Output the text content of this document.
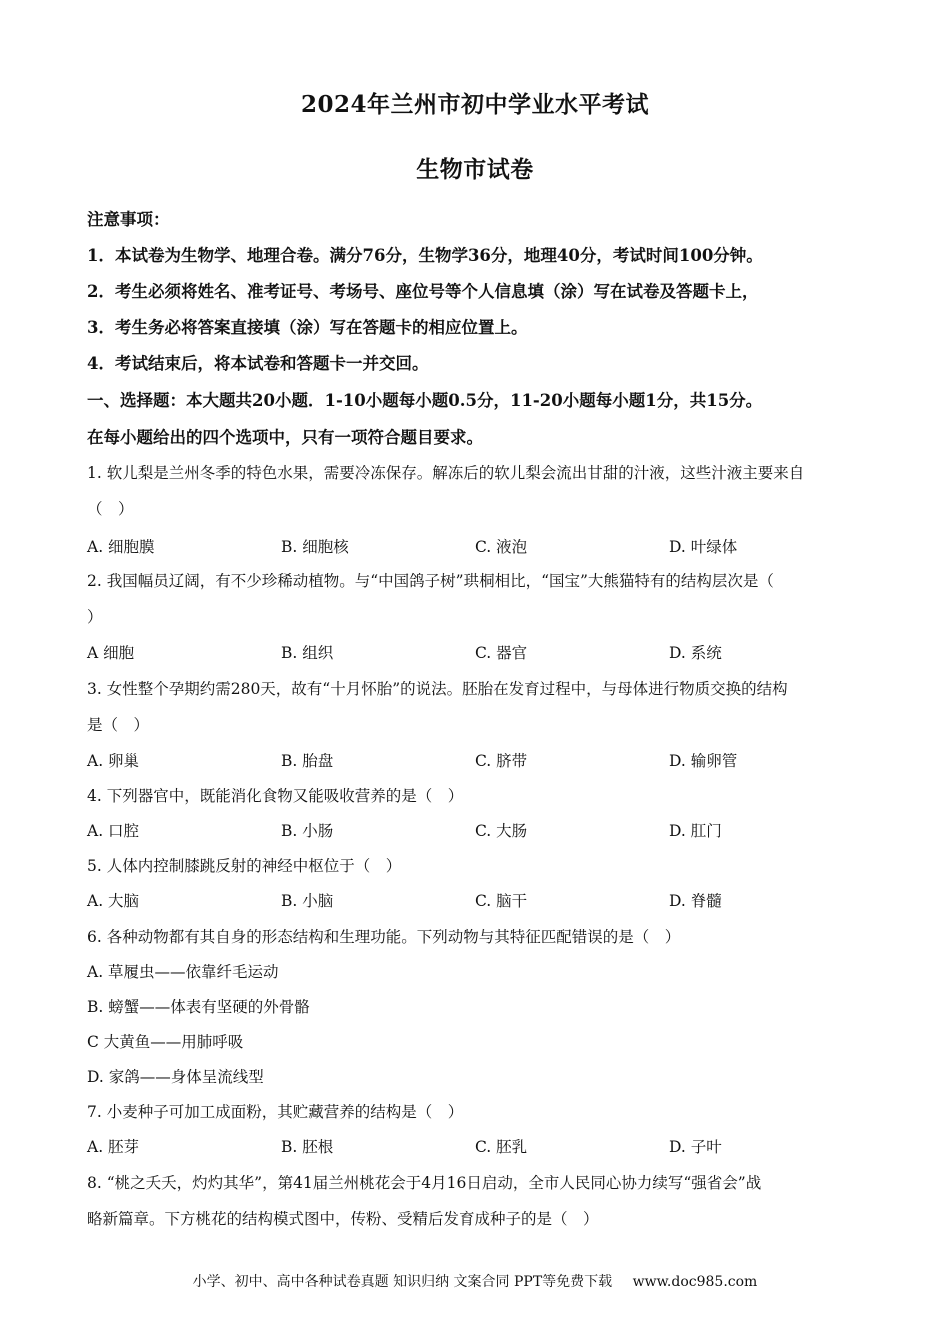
2024年兰州市初中学业水平考试
生物市试卷
注意事项：
1．本试卷为生物学、地理合卷。满分76分，生物学36分，地理40分，考试时间100分钟。
2．考生必须将姓名、准考证号、考场号、座位号等个人信息填（涂）写在试卷及答题卡上，
3．考生务必将答案直接填（涂）写在答题卡的相应位置上。
4．考试结束后，将本试卷和答题卡一并交回。
一、选择题：本大题共20小题．1-10小题每小题0.5分，11-20小题每小题1分，共15分。
在每小题给出的四个选项中，只有一项符合题目要求。
1. 软儿梨是兰州冬季的特色水果，需要冷冻保存。解冻后的软儿梨会流出甘甜的汁液，这些汁液主要来自
（　）
A. 细胞膜	B. 细胞核	C. 液泡	D. 叶绿体
2. 我国幅员辽阔，有不少珍稀动植物。与“中国鸽子树”珙桐相比，“国宝”大熊猫特有的结构层次是（
）
A 细胞	B. 组织	C. 器官	D. 系统
3. 女性整个孕期约需280天，故有“十月怀胎”的说法。胚胎在发育过程中，与母体进行物质交换的结构
是（　）
A. 卵巢	B. 胎盘	C. 脐带	D. 输卵管
4. 下列器官中，既能消化食物又能吸收营养的是（　）
A. 口腔	B. 小肠	C. 大肠	D. 肛门
5. 人体内控制膝跳反射的神经中枢位于（　）
A. 大脑	B. 小脑	C. 脑干	D. 脊髓
6. 各种动物都有其自身的形态结构和生理功能。下列动物与其特征匹配错误的是（　）
A. 草履虫——依靠纤毛运动
B. 螃蟹——体表有坚硬的外骨骼
C 大黄鱼——用肺呼吸
D. 家鸽——身体呈流线型
7. 小麦种子可加工成面粉，其贮藏营养的结构是（　）
A. 胚芽	B. 胚根	C. 胚乳	D. 子叶
8. “桃之夭夭，灼灼其华”，第41届兰州桃花会于4月16日启动，全市人民同心协力续写“强省会”战
略新篇章。下方桃花的结构模式图中，传粉、受精后发育成种子的是（　）
小学、初中、高中各种试卷真题 知识归纳 文案合同 PPT等免费下载 www.doc985.com
